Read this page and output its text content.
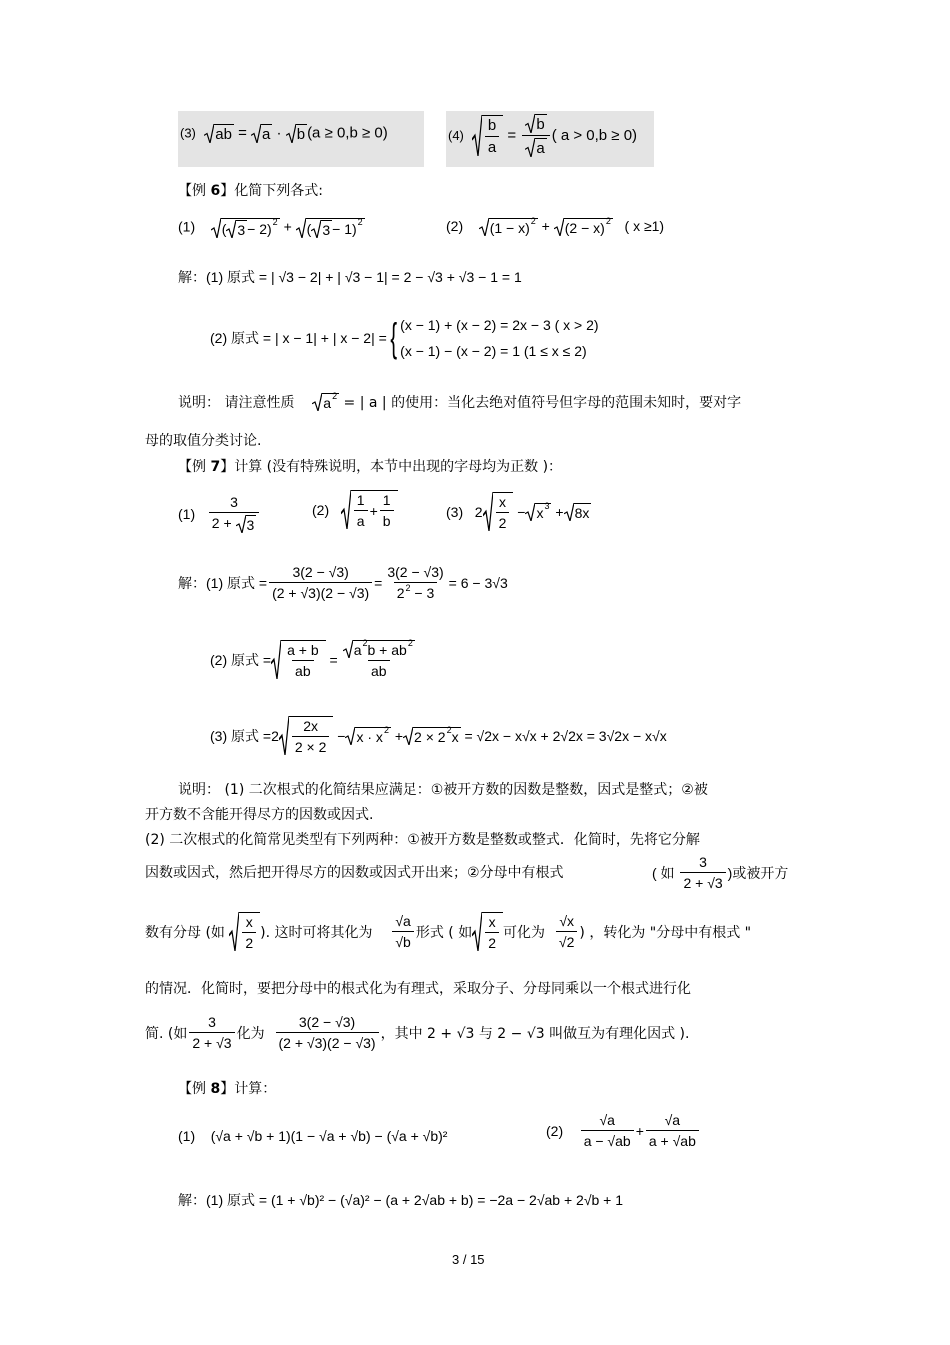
(3) ab = a · b (a ≥ 0,b ≥ 0)	(4)
b
a
=
b
a
( a > 0,b ≥ 0)
【例 6】化简下列各式:
(1) ( 3 − 2) 2 + ( 3 − 1) 2	(2) (1 − x) 2 + (2 − x) 2 ( x ≥1)
解：(1) 原式 = | √3 − 2| + | √3 − 1| = 2 − √3 + √3 − 1 = 1
(2) 原式 = | x − 1| + | x − 2| = { (x − 1) + (x − 2) = 2x − 3 ( x > 2)
(x − 1) − (x − 2) = 1 (1 ≤ x ≤ 2)
说明： 请注意性质
a 2
= | a | 的使用：当化去绝对值符号但字母的范围未知时，要对字
母的取值分类讨论.
【例 7】计算 (没有特殊说明，本节中出现的字母均为正数 )：
(1)

3
2 + 3
(2)

1
a
+
1
b
(3) 2
x
2
− x 3 + 8x
解：(1) 原式 = $\frac{3(2 - √3)}{(2 + √3)(2 - √3)} = \frac{3(2 - √3)}{2^2 - 3} = 6 - 3√3$
(2) 原式 =
a + b
ab
=
a 2 b + ab 2
ab
(3) 原式 = 2
2x
2 × 2
− x · x 2 + 2 × 2 2 x
= √2x − x√x + 2√2x = 3√2x − x√x
说明： (1) 二次根式的化简结果应满足：①被开方数的因数是整数，因式是整式；②被
开方数不含能开得尽方的因数或因式.
(2) 二次根式的化简常见类型有下列两种：①被开方数是整数或整式．化简时，先将它分解
因数或因式，然后把开得尽方的因数或因式开出来；②分母中有根式	( 如

3
2 + √3
)或被开方
数有分母 (如

x
2
). 这时可将其化为

√a
√b
形式 ( 如
x
2
可化为

√x
√2
) ，转化为 "分母中有根式 "
的情况．化简时，要把分母中的根式化为有理式，采取分子、分母同乘以一个根式进行化
简. (如
3
2 + √3
化为

3(2 − √3)
(2 + √3)(2 − √3)
，其中 2 + √3 与 2 − √3 叫做互为有理化因式 ).
【例 8】计算：
(1) (√a + √b + 1)(1 − √a + √b) − (√a + √b)²	(2)

√a
a − √ab
+
√a
a + √ab
解：(1) 原式 = (1 + √b)² − (√a)² − (a + 2√ab + b) = −2a − 2√ab + 2√b + 1
3 / 15
